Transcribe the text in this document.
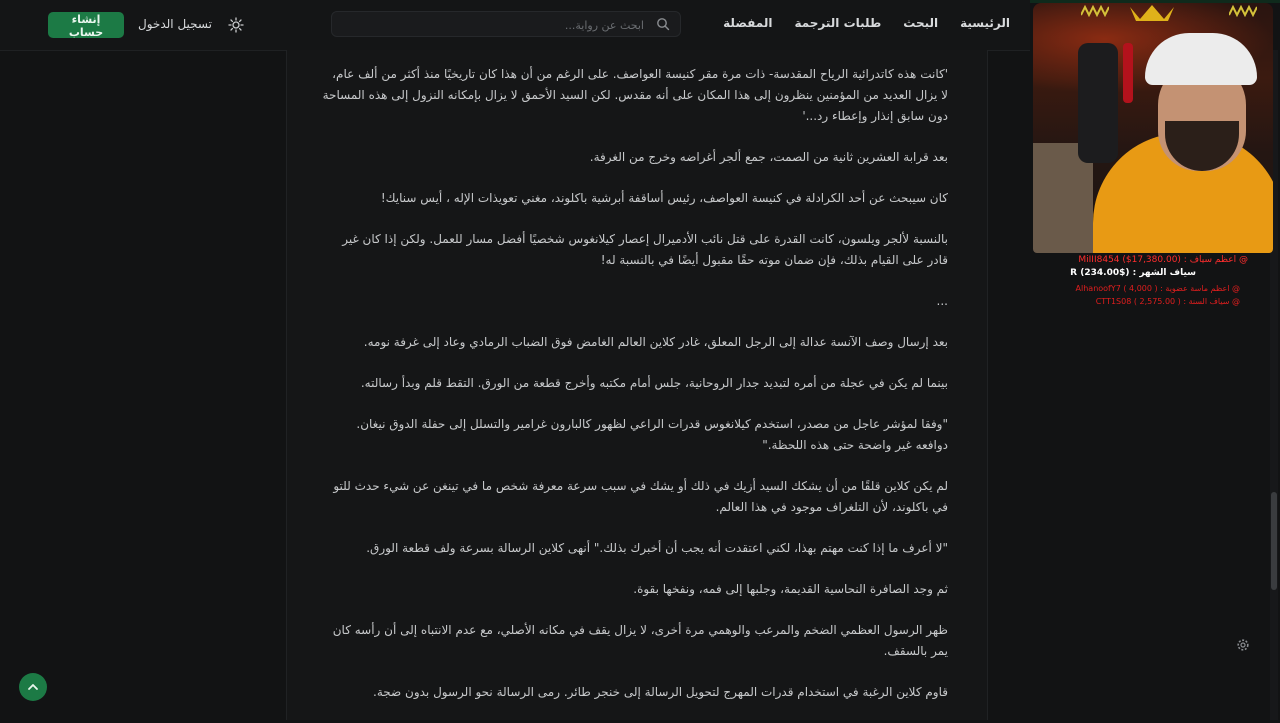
الرئيسية
البحث
طلبات الترجمة
المفضلة
ابحث عن رواية...
تسجيل الدخول
إنشاء حساب

'كانت هذه كاتدرائية الرياح المقدسة- ذات مرة مقر كنيسة العواصف. على الرغم من أن هذا كان تاريخيًا منذ أكثر من ألف عام، لا يزال العديد من المؤمنين ينظرون إلى هذا المكان على أنه مقدس. لكن السيد الأحمق لا يزال بإمكانه النزول إلى هذه المساحة دون سابق إنذار وإعطاء رد...'

بعد قرابة العشرين ثانية من الصمت، جمع ألجر أغراضه وخرج من الغرفة.

كان سيبحث عن أحد الكرادلة في كنيسة العواصف، رئيس أساقفة أبرشية باكلوند، مغني تعويذات الإله ، أيس سنايك!

بالنسبة لألجر ويلسون، كانت القدرة على قتل نائب الأدميرال إعصار كيلانغوس شخصيًا أفضل مسار للعمل. ولكن إذا كان غير قادر على القيام بذلك، فإن ضمان موته حقًا مقبول أيضًا في بالنسبة له!

...

بعد إرسال وصف الآنسة عدالة إلى الرجل المعلق، غادر كلاين العالم الغامض فوق الضباب الرمادي وعاد إلى غرفة نومه.

بينما لم يكن في عجلة من أمره لتبديد جدار الروحانية، جلس أمام مكتبه وأخرج قطعة من الورق. التقط قلم وبدأ رسالته.

"وفقا لمؤشر عاجل من مصدر، استخدم كيلانغوس قدرات الراعي لظهور كالبارون غرامير والتسلل إلى حفلة الدوق نيغان. دوافعه غير واضحة حتى هذه اللحظة."

لم يكن كلاين قلقًا من أن يشكك السيد أزيك في ذلك أو يشك في سبب سرعة معرفة شخص ما في تينغن عن شيء حدث للتو في باكلوند، لأن التلغراف موجود في هذا العالم.

"لا أعرف ما إذا كنت مهتم بهذا، لكني اعتقدت أنه يجب أن أخبرك بذلك." أنهى كلاين الرسالة بسرعة ولف قطعة الورق.

ثم وجد الصافرة النحاسية القديمة، وجلبها إلى فمه، ونفخها بقوة.

ظهر الرسول العظمي الضخم والمرعب والوهمي مرة أخرى، لا يزال يقف في مكانه الأصلي، مع عدم الانتباه إلى أن رأسه كان يمر بالسقف.

قاوم كلاين الرغبة في استخدام قدرات المهرج لتحويل الرسالة إلى خنجر طائر. رمى الرسالة نحو الرسول بدون ضجة.

@ اعظم سياف : MiIII8454 ($17,380.00)
سياف الشهر : ($234.00) R
@ اعظم ماسة عضوية : AlhanoofY7 ( 4,000 )
@ سياف السنة : CTT1S08 ( 2,575.00 )
